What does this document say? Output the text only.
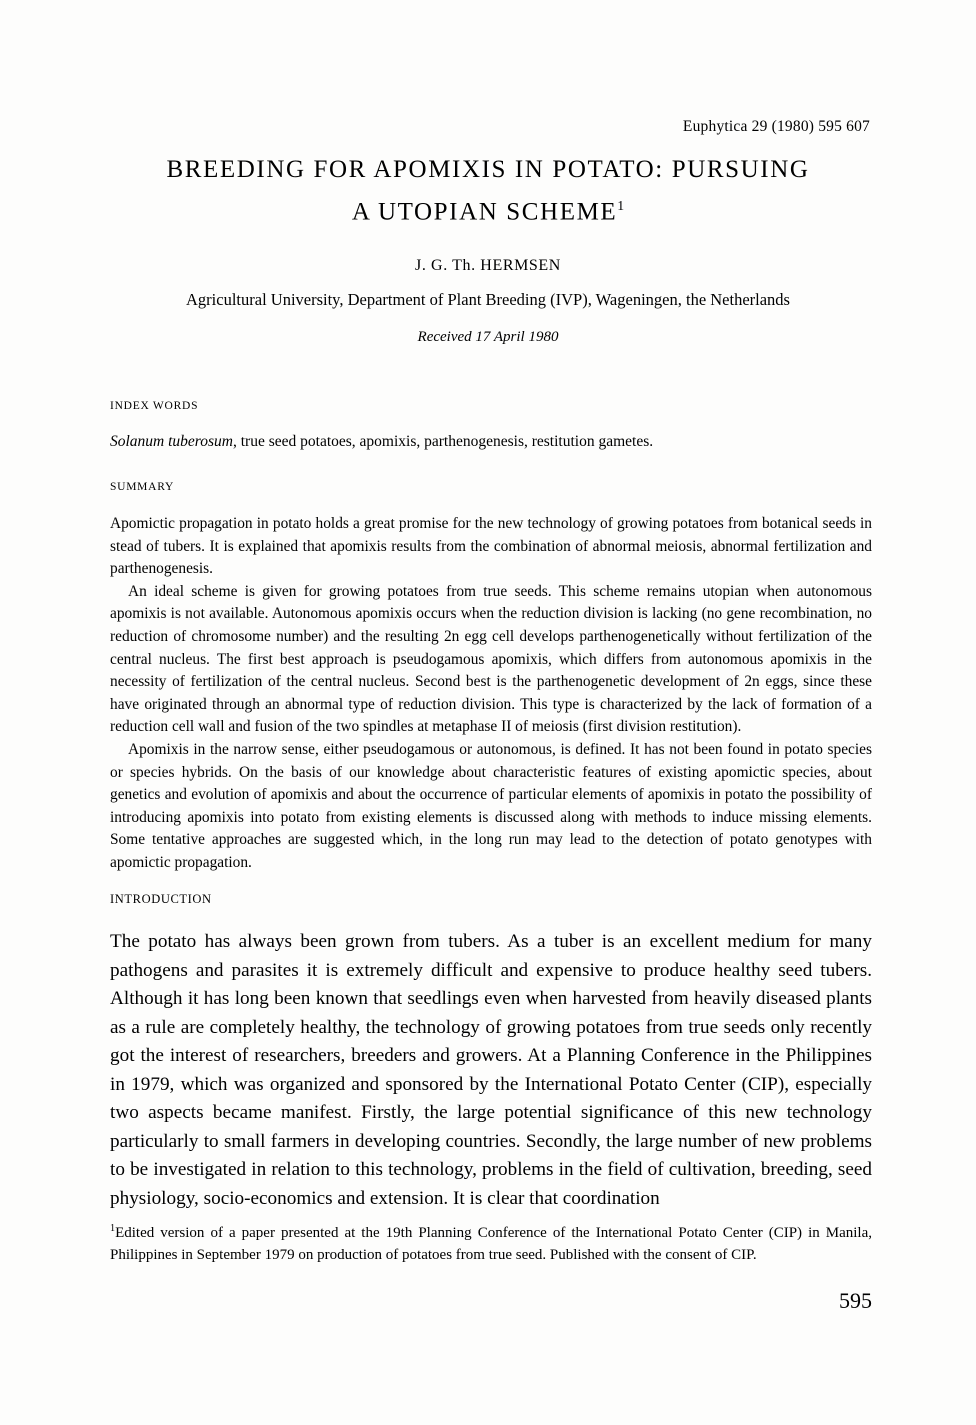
Euphytica 29 (1980) 595 607
BREEDING FOR APOMIXIS IN POTATO: PURSUING
A UTOPIAN SCHEME$^1$
J. G. Th. HERMSEN
Agricultural University, Department of Plant Breeding (IVP), Wageningen, the Netherlands
Received 17 April 1980
INDEX WORDS
Solanum tuberosum, true seed potatoes, apomixis, parthenogenesis, restitution gametes.
SUMMARY

Apomictic propagation in potato holds a great promise for the new technology of growing potatoes from botanical seeds in stead of tubers. It is explained that apomixis results from the combination of abnormal meiosis, abnormal fertilization and parthenogenesis.

An ideal scheme is given for growing potatoes from true seeds. This scheme remains utopian when autonomous apomixis is not available. Autonomous apomixis occurs when the reduction division is lacking (no gene recombination, no reduction of chromosome number) and the resulting 2n egg cell develops parthenogenetically without fertilization of the central nucleus. The first best approach is pseudogamous apomixis, which differs from autonomous apomixis in the necessity of fertilization of the central nucleus. Second best is the parthenogenetic development of 2n eggs, since these have originated through an abnormal type of reduction division. This type is characterized by the lack of formation of a reduction cell wall and fusion of the two spindles at metaphase II of meiosis (first division restitution).

Apomixis in the narrow sense, either pseudogamous or autonomous, is defined. It has not been found in potato species or species hybrids. On the basis of our knowledge about characteristic features of existing apomictic species, about genetics and evolution of apomixis and about the occurrence of particular elements of apomixis in potato the possibility of introducing apomixis into potato from existing elements is discussed along with methods to induce missing elements. Some tentative approaches are suggested which, in the long run may lead to the detection of potato genotypes with apomictic propagation.

INTRODUCTION

The potato has always been grown from tubers. As a tuber is an excellent medium for many pathogens and parasites it is extremely difficult and expensive to produce healthy seed tubers. Although it has long been known that seedlings even when harvested from heavily diseased plants as a rule are completely healthy, the technology of growing potatoes from true seeds only recently got the interest of researchers, breeders and growers. At a Planning Conference in the Philippines in 1979, which was organized and sponsored by the International Potato Center (CIP), especially two aspects became manifest. Firstly, the large potential significance of this new technology particularly to small farmers in developing countries. Secondly, the large number of new problems to be investigated in relation to this technology, problems in the field of cultivation, breeding, seed physiology, socio-economics and extension. It is clear that coordination

$^1$Edited version of a paper presented at the 19th Planning Conference of the International Potato Center (CIP) in Manila, Philippines in September 1979 on production of potatoes from true seed. Published with the consent of CIP.
595
